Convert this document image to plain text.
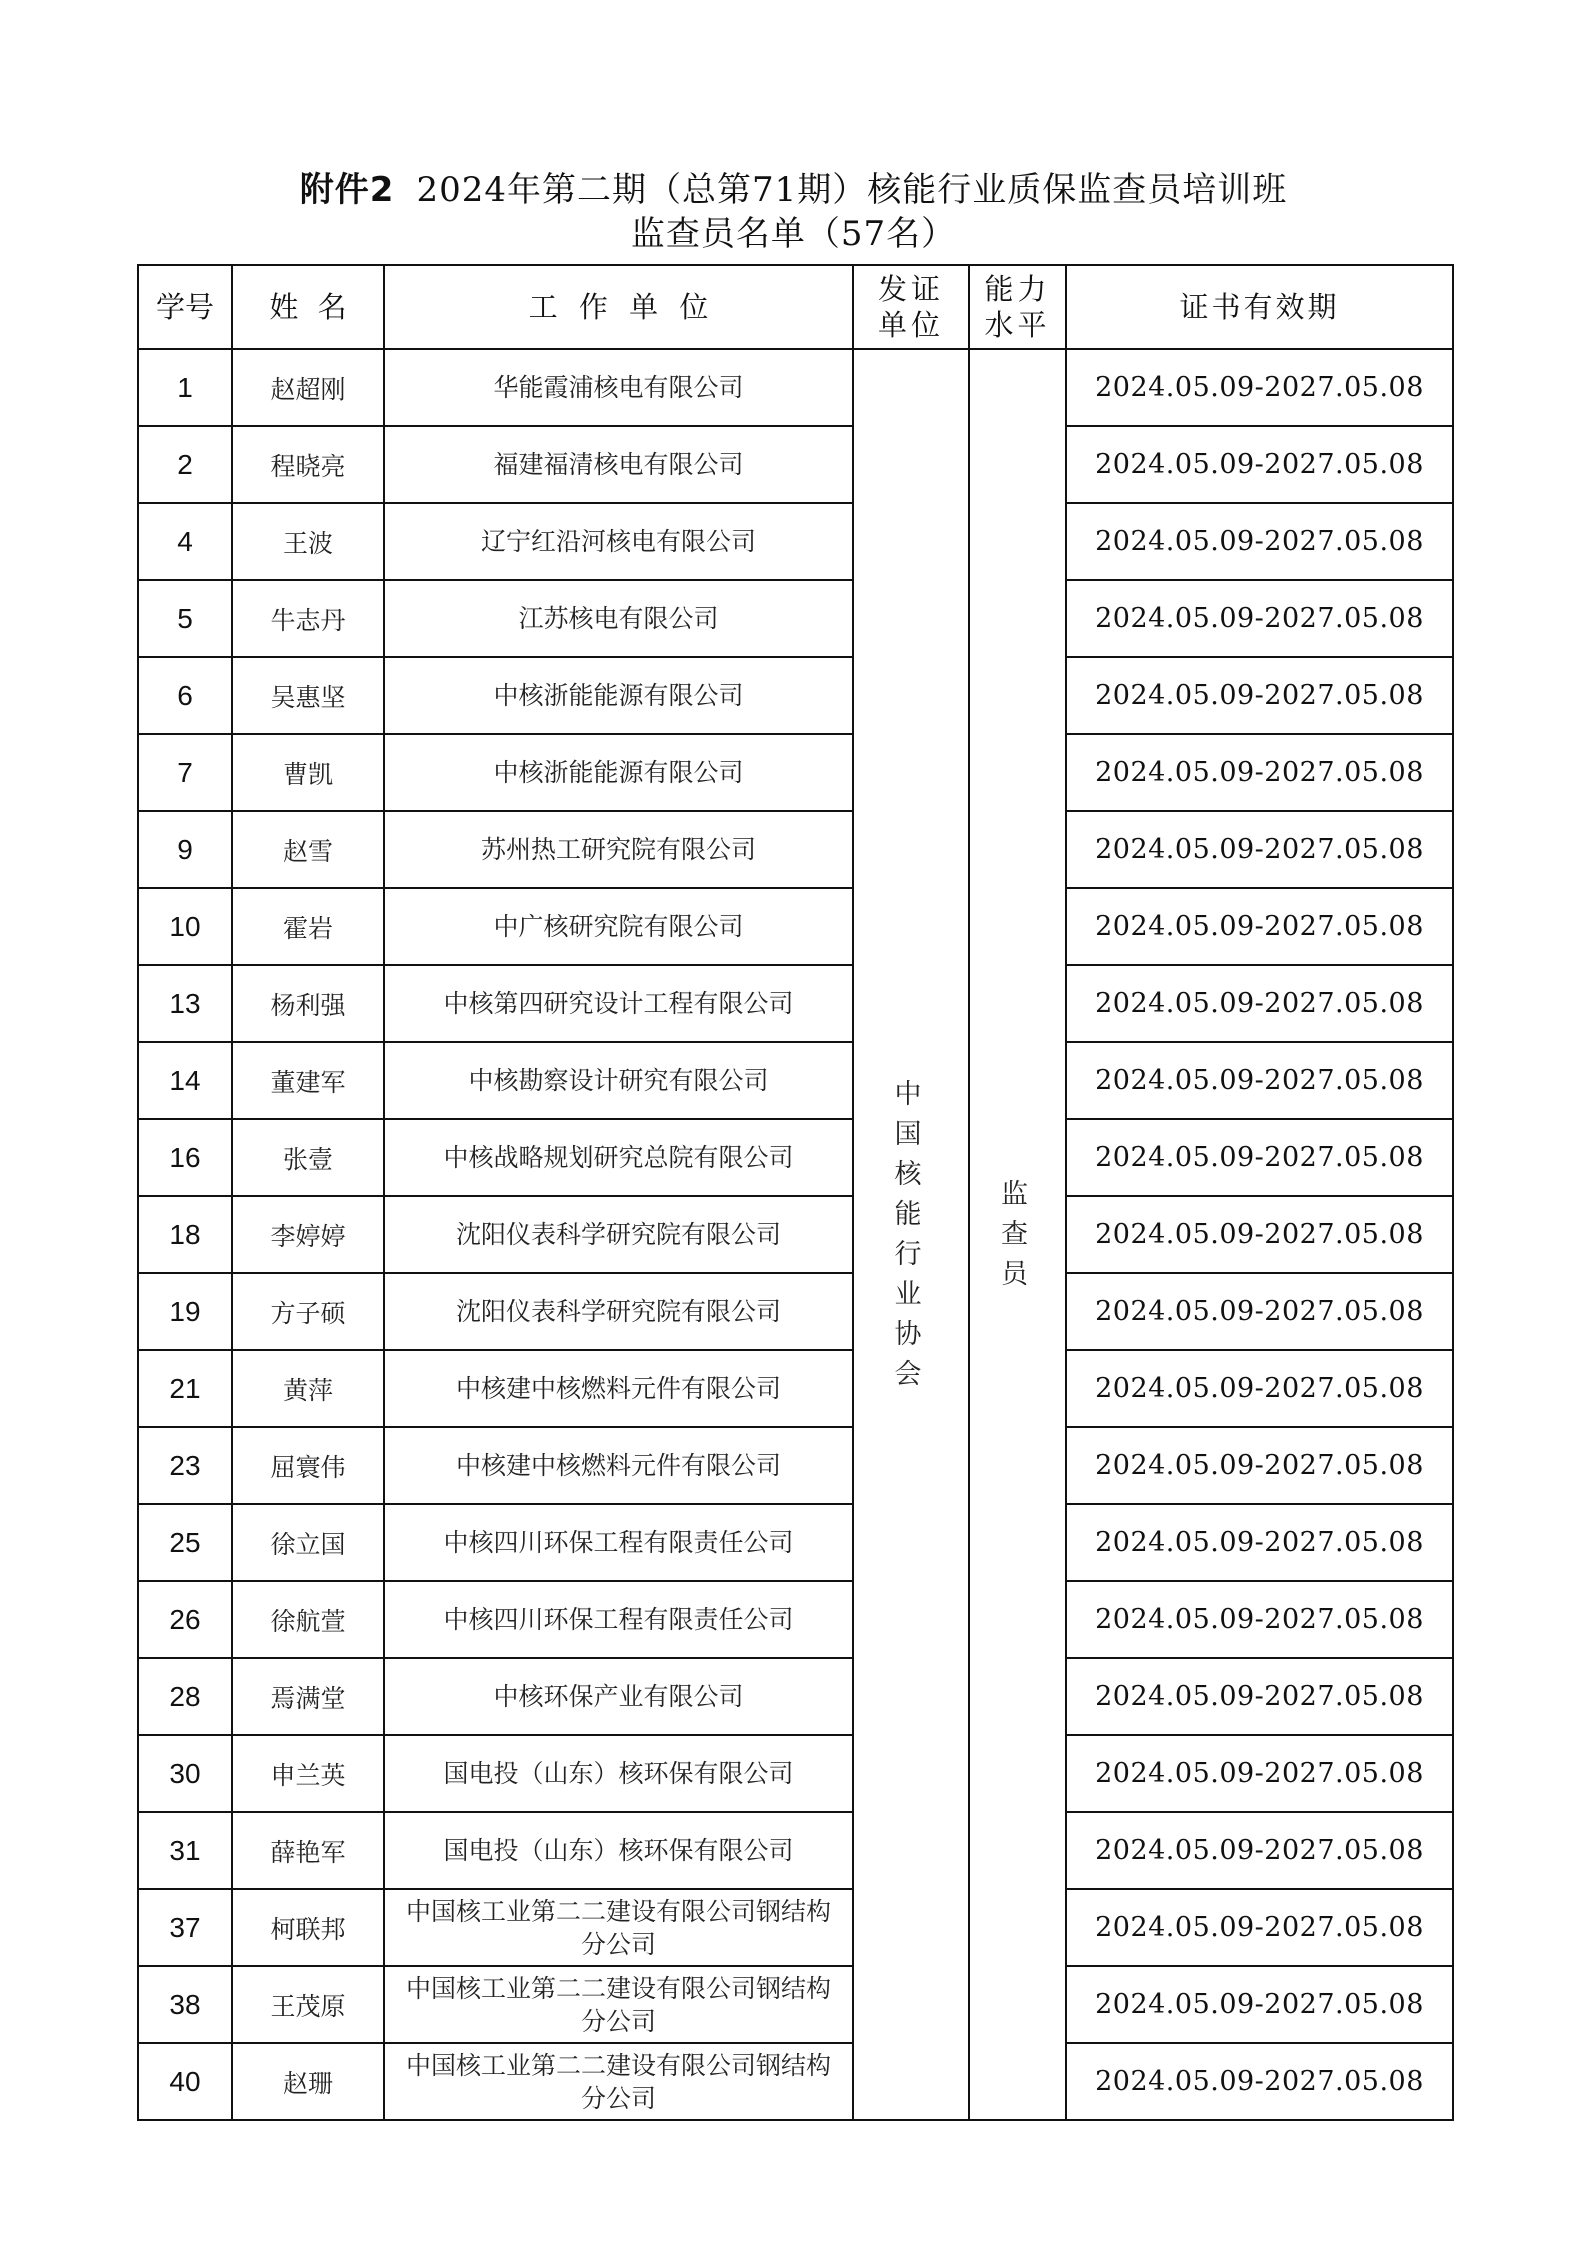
附件2 2024年第二期（总第71期）核能行业质保监查员培训班
监查员名单（57名）
学号	姓 名	工 作 单 位	发证单位	能力水平	证书有效期
1	赵超刚	华能霞浦核电有限公司	中国核能行业协会	监查员	2024.05.09-2027.05.08
2	程晓亮	福建福清核电有限公司			2024.05.09-2027.05.08
4	王波	辽宁红沿河核电有限公司			2024.05.09-2027.05.08
5	牛志丹	江苏核电有限公司			2024.05.09-2027.05.08
6	吴惠坚	中核浙能能源有限公司			2024.05.09-2027.05.08
7	曹凯	中核浙能能源有限公司			2024.05.09-2027.05.08
9	赵雪	苏州热工研究院有限公司			2024.05.09-2027.05.08
10	霍岩	中广核研究院有限公司			2024.05.09-2027.05.08
13	杨利强	中核第四研究设计工程有限公司			2024.05.09-2027.05.08
14	董建军	中核勘察设计研究有限公司			2024.05.09-2027.05.08
16	张壹	中核战略规划研究总院有限公司			2024.05.09-2027.05.08
18	李婷婷	沈阳仪表科学研究院有限公司			2024.05.09-2027.05.08
19	方子硕	沈阳仪表科学研究院有限公司			2024.05.09-2027.05.08
21	黄萍	中核建中核燃料元件有限公司			2024.05.09-2027.05.08
23	屈寰伟	中核建中核燃料元件有限公司			2024.05.09-2027.05.08
25	徐立国	中核四川环保工程有限责任公司			2024.05.09-2027.05.08
26	徐航萱	中核四川环保工程有限责任公司			2024.05.09-2027.05.08
28	焉满堂	中核环保产业有限公司			2024.05.09-2027.05.08
30	申兰英	国电投（山东）核环保有限公司			2024.05.09-2027.05.08
31	薛艳军	国电投（山东）核环保有限公司			2024.05.09-2027.05.08
37	柯联邦	中国核工业第二二建设有限公司钢结构分公司			2024.05.09-2027.05.08
38	王茂原	中国核工业第二二建设有限公司钢结构分公司			2024.05.09-2027.05.08
40	赵珊	中国核工业第二二建设有限公司钢结构分公司			2024.05.09-2027.05.08
